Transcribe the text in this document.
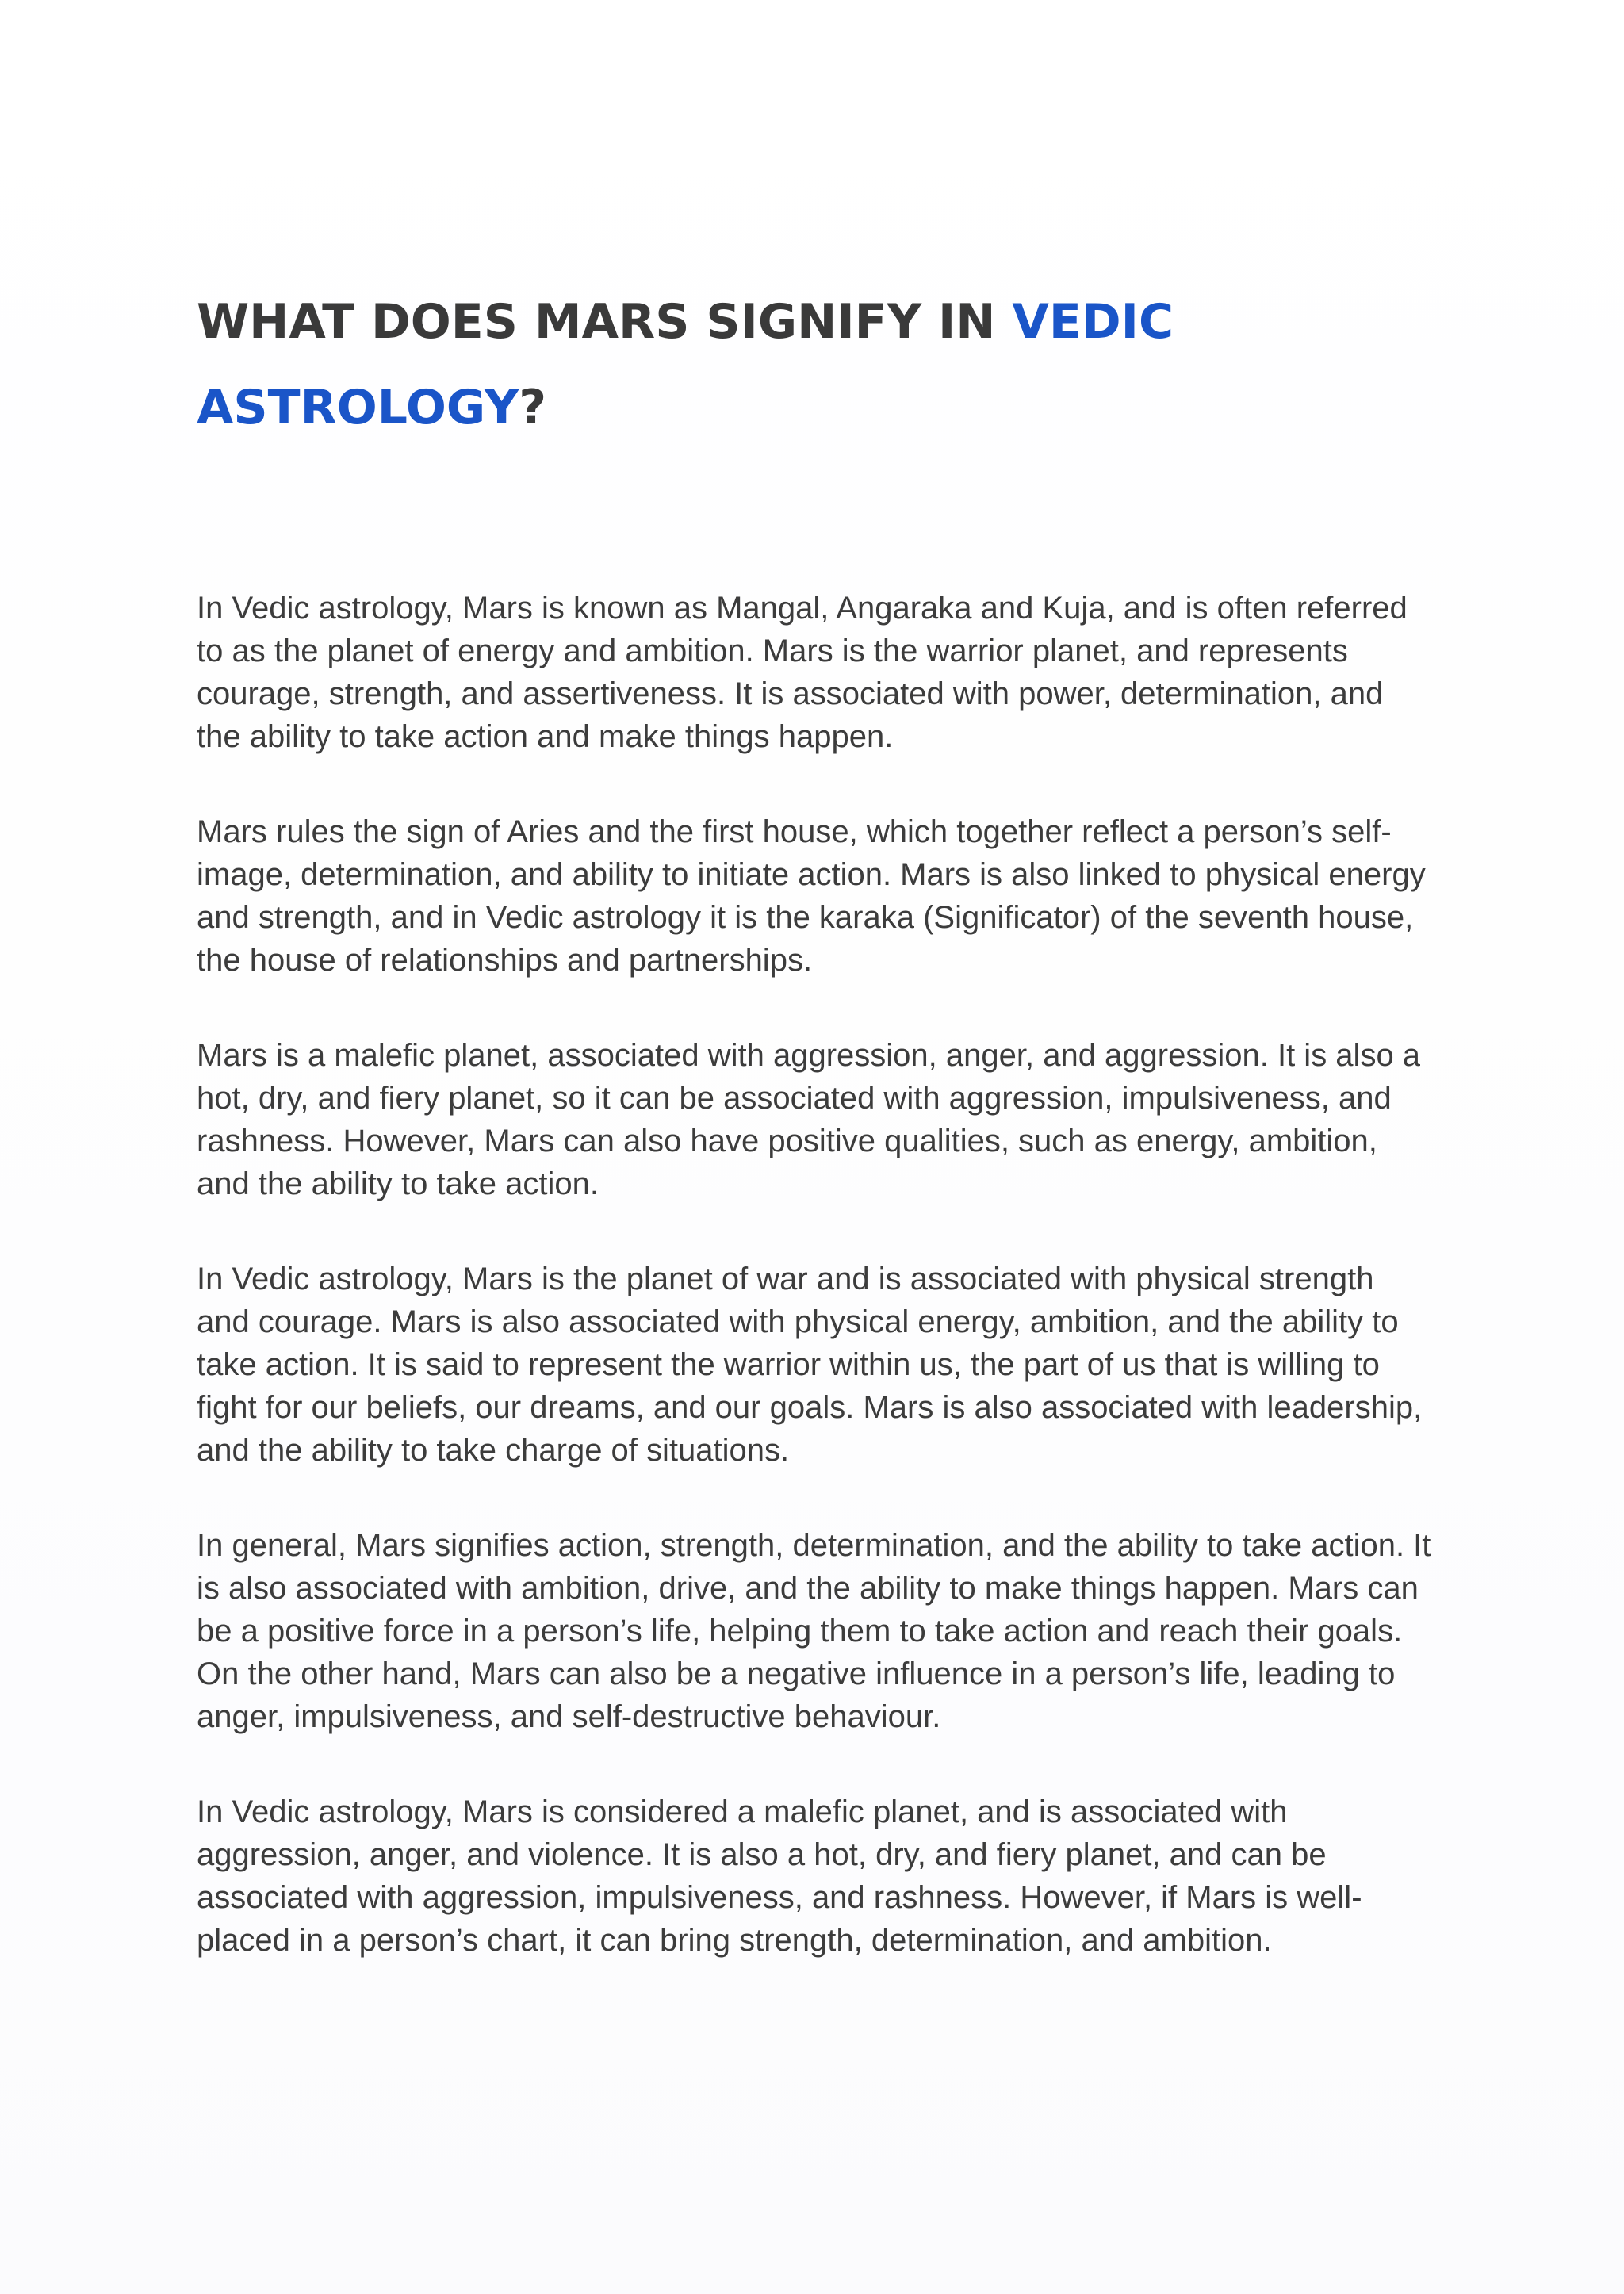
WHAT DOES MARS SIGNIFY IN VEDIC
ASTROLOGY?

In Vedic astrology, Mars is known as Mangal, Angaraka and Kuja, and is often referred to as the planet of energy and ambition. Mars is the warrior planet, and represents courage, strength, and assertiveness. It is associated with power, determination, and the ability to take action and make things happen.

Mars rules the sign of Aries and the first house, which together reflect a person’s self-image, determination, and ability to initiate action. Mars is also linked to physical energy and strength, and in Vedic astrology it is the karaka (Significator) of the seventh house, the house of relationships and partnerships.

Mars is a malefic planet, associated with aggression, anger, and aggression. It is also a hot, dry, and fiery planet, so it can be associated with aggression, impulsiveness, and rashness. However, Mars can also have positive qualities, such as energy, ambition, and the ability to take action.

In Vedic astrology, Mars is the planet of war and is associated with physical strength and courage. Mars is also associated with physical energy, ambition, and the ability to take action. It is said to represent the warrior within us, the part of us that is willing to fight for our beliefs, our dreams, and our goals. Mars is also associated with leadership, and the ability to take charge of situations.

In general, Mars signifies action, strength, determination, and the ability to take action. It is also associated with ambition, drive, and the ability to make things happen. Mars can be a positive force in a person’s life, helping them to take action and reach their goals. On the other hand, Mars can also be a negative influence in a person’s life, leading to anger, impulsiveness, and self-destructive behaviour.

In Vedic astrology, Mars is considered a malefic planet, and is associated with aggression, anger, and violence. It is also a hot, dry, and fiery planet, and can be associated with aggression, impulsiveness, and rashness. However, if Mars is well-placed in a person’s chart, it can bring strength, determination, and ambition.
